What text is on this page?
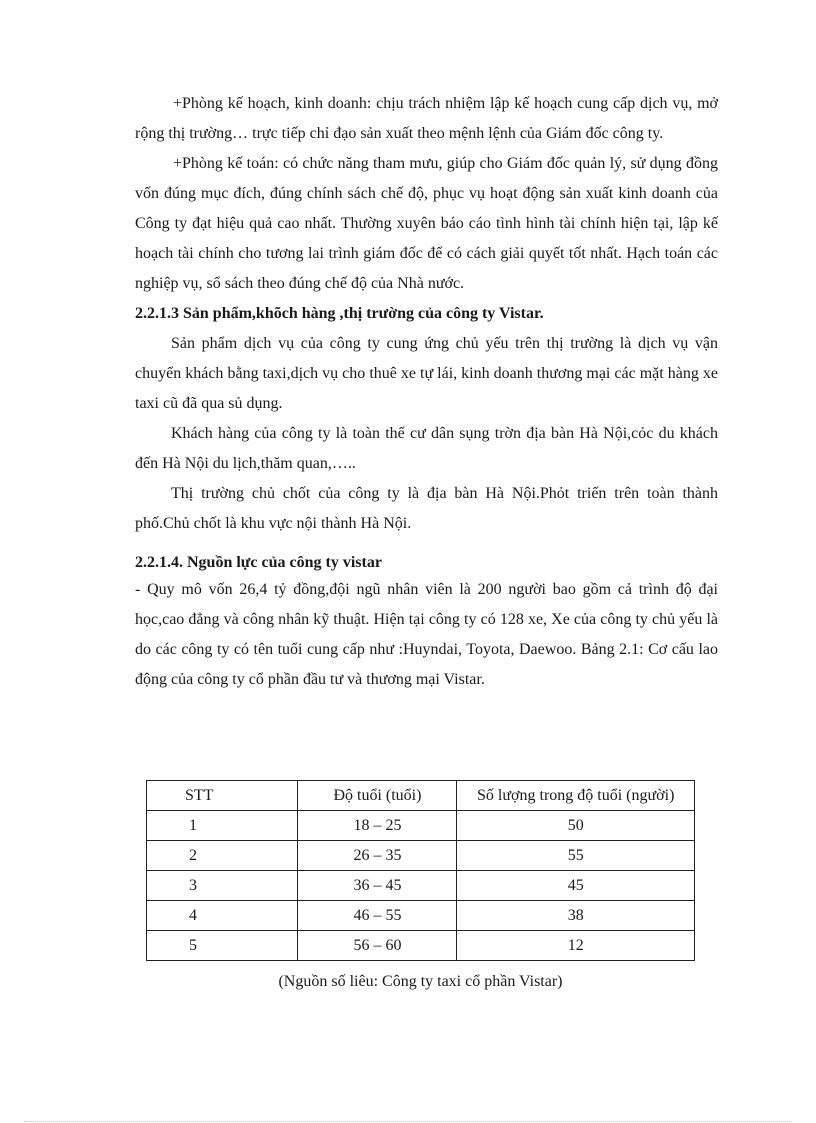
+Phòng kế hoạch, kinh doanh: chịu trách nhiệm lập kế hoạch cung cấp dịch vụ, mở rộng thị trường… trực tiếp chỉ đạo sản xuất theo mệnh lệnh của Giám đốc công ty.

+Phòng kế toán: có chức năng tham mưu, giúp cho Giám đốc quản lý, sử dụng đồng vốn đúng mục đích, đúng chính sách chế độ, phục vụ hoạt động sản xuất kinh doanh của Công ty đạt hiệu quả cao nhất. Thường xuyên báo cáo tình hình tài chính hiện tại, lập kế hoạch tài chính cho tương lai trình giám đốc để có cách giải quyết tốt nhất. Hạch toán các nghiệp vụ, sổ sách theo đúng chế độ của Nhà nước.

2.2.1.3 Sản phẩm,khõch hàng ,thị trường của công ty Vistar.

Sản phẩm dịch vụ của công ty cung ứng chủ yếu trên thị trường là dịch vụ vận chuyển khách bằng taxi,dịch vụ cho thuê xe tự lái, kinh doanh thương mại các mặt hàng xe taxi cũ đã qua sủ dụng.

Khách hàng của công ty là toàn thể cư dân sụng trờn địa bàn Hà Nội,cỏc du khách đến Hà Nội du lịch,thăm quan,…..

Thị trường chủ chốt của công ty là địa bàn Hà Nội.Phỏt triển trên toàn thành phố.Chủ chốt là khu vực nội thành Hà Nội.

2.2.1.4. Nguồn lực của công ty vistar

- Quy mô vốn 26,4 tỷ đồng,đội ngũ nhân viên là 200 người bao gồm cả trình độ đại học,cao đẳng và công nhân kỹ thuật. Hiện tại công ty có 128 xe, Xe của công ty chủ yếu là do các công ty có tên tuổi cung cấp như :Huyndai, Toyota, Daewoo. Bảng 2.1: Cơ cấu lao động của công ty cổ phần đầu tư và thương mại Vistar.

STT	Độ tuổi (tuổi)	Số lượng trong độ tuổi (người)
1	18 – 25	50
2	26 – 35	55
3	36 – 45	45
4	46 – 55	38
5	56 – 60	12
(Nguồn số liêu: Công ty taxi cổ phần Vistar)
